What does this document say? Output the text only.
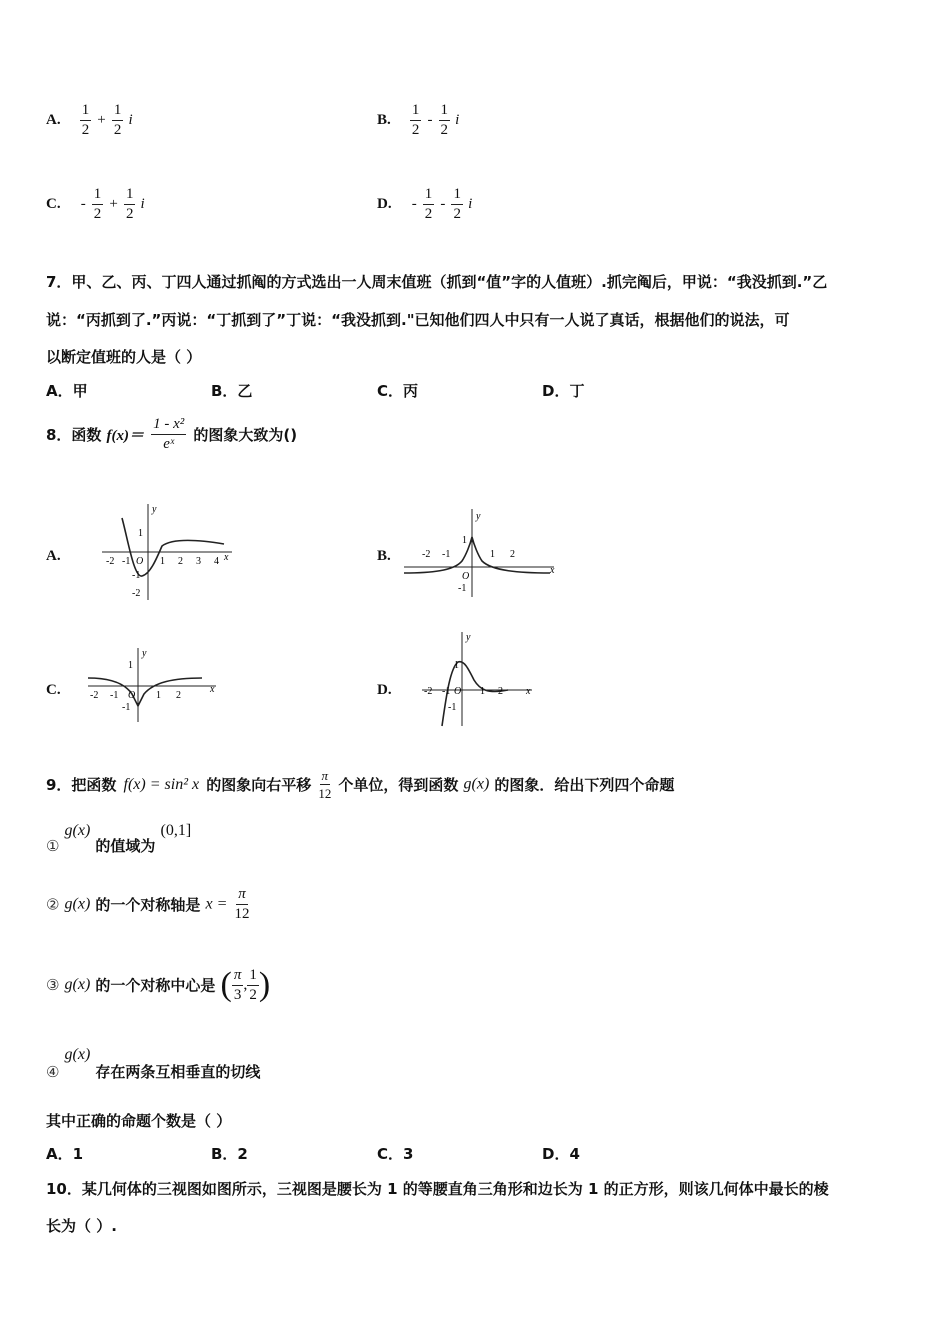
A. $\frac{1}{2} + \frac{1}{2}$ i	B. $\frac{1}{2} - \frac{1}{2}$ i
C. - $\frac{1}{2} + \frac{1}{2}$ i	D. - $\frac{1}{2} - \frac{1}{2}$ i
7．甲、乙、丙、丁四人通过抓阄的方式选出一人周末值班（抓到“值”字的人值班）.抓完阄后，甲说：“我没抓到.”乙
说：“丙抓到了.”丙说：“丁抓到了”丁说：“我没抓到."已知他们四人中只有一人说了真话，根据他们的说法，可
以断定值班的人是（ ）
A．甲	B．乙	C．丙	D．丁
8．函数 $f(x)= \frac{\text{1 - x²}}{\text{eˣ}}$ 的图象大致为()
A.	B.
C.	D.
-2 -1 O 1 2 3 4 x
y
1
-1
-2
-2 -1
O
1 2
x
y
1
-1
-2 -1 O 1 2
x
y
1
-1
-2 -1 O 1 2 x
y
1
-1
9．把函数 f(x) = sin² x 的图象向右平移 $\frac{\pi}{12}$ 个单位，得到函数 g(x) 的图象．给出下列四个命题
① g(x) 的值域为 (0,1]
② g(x) 的一个对称轴是 $x = \frac{\pi}{12}$
③ g(x) 的一个对称中心是 ( $\frac{\pi}{3}$ , $\frac{1}{2}$ )
④ g(x) 存在两条互相垂直的切线
其中正确的命题个数是（ ）
A．1	B．2	C．3	D．4
10．某几何体的三视图如图所示，三视图是腰长为 1 的等腰直角三角形和边长为 1 的正方形，则该几何体中最长的棱
长为（ ）.
